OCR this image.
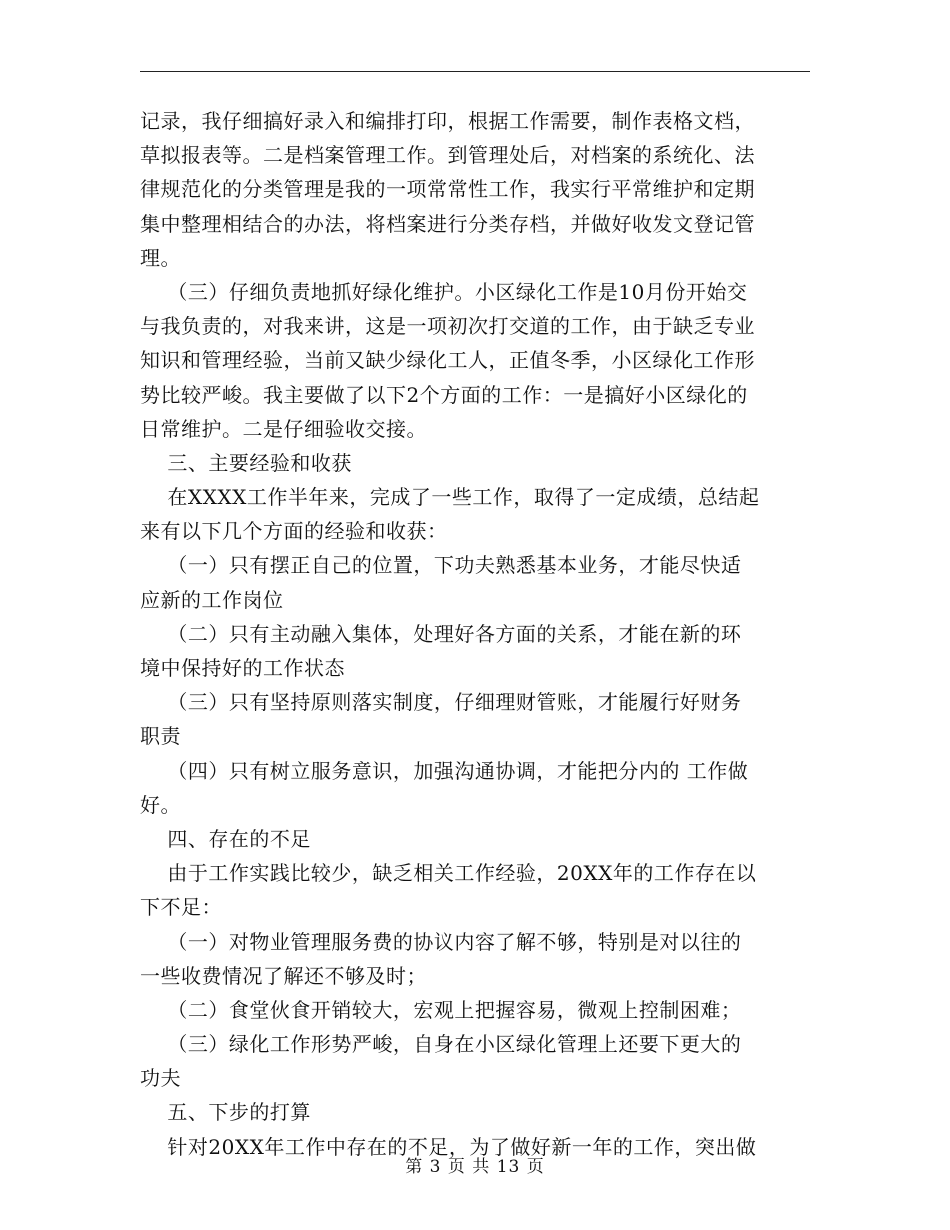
记录，我仔细搞好录入和编排打印，根据工作需要，制作表格文档，
草拟报表等。二是档案管理工作。到管理处后，对档案的系统化、法
律规范化的分类管理是我的一项常常性工作，我实行平常维护和定期
集中整理相结合的办法，将档案进行分类存档，并做好收发文登记管
理。
（三）仔细负责地抓好绿化维护。小区绿化工作是10月份开始交
与我负责的，对我来讲，这是一项初次打交道的工作，由于缺乏专业
知识和管理经验，当前又缺少绿化工人，正值冬季，小区绿化工作形
势比较严峻。我主要做了以下2个方面的工作：一是搞好小区绿化的
日常维护。二是仔细验收交接。
三、主要经验和收获
在XXXX工作半年来，完成了一些工作，取得了一定成绩，总结起
来有以下几个方面的经验和收获：
（一）只有摆正自己的位置，下功夫熟悉基本业务，才能尽快适
应新的工作岗位
（二）只有主动融入集体，处理好各方面的关系，才能在新的环
境中保持好的工作状态
（三）只有坚持原则落实制度，仔细理财管账，才能履行好财务
职责
（四）只有树立服务意识，加强沟通协调，才能把分内的 工作做
好。
四、存在的不足
由于工作实践比较少，缺乏相关工作经验，20XX年的工作存在以
下不足：
（一）对物业管理服务费的协议内容了解不够，特别是对以往的
一些收费情况了解还不够及时；
（二）食堂伙食开销较大，宏观上把握容易，微观上控制困难；
（三）绿化工作形势严峻，自身在小区绿化管理上还要下更大的
功夫
五、下步的打算
针对20XX年工作中存在的不足，为了做好新一年的工作，突出做
第 3 页 共 13 页
